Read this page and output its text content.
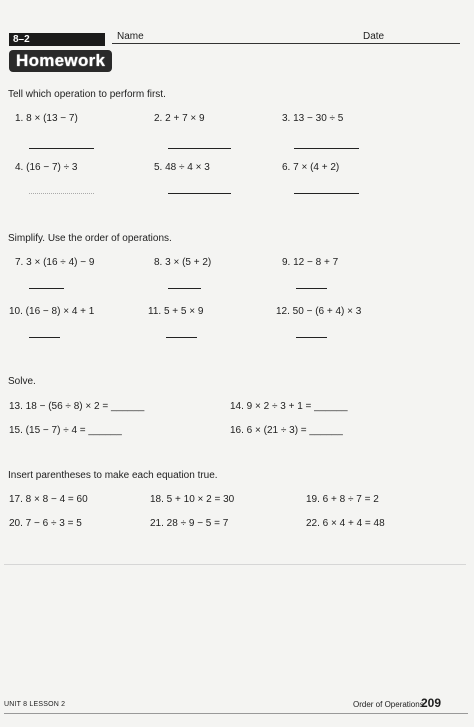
8–2
Homework
Name	Date
Tell which operation to perform first.
1. 8 × (13 − 7)	2. 2 + 7 × 9	3. 13 − 30 ÷ 5
4. (16 − 7) ÷ 3	5. 48 ÷ 4 × 3	6. 7 × (4 + 2)
Simplify. Use the order of operations.
7. 3 × (16 ÷ 4) − 9	8. 3 × (5 + 2)	9. 12 − 8 + 7
10. (16 − 8) × 4 + 1	11. 5 + 5 × 9	12. 50 − (6 + 4) × 3
Solve.
13. 18 − (56 ÷ 8) × 2 = ______	14. 9 × 2 ÷ 3 + 1 = ______
15. (15 − 7) ÷ 4 = ______	16. 6 × (21 ÷ 3) = ______
Insert parentheses to make each equation true.
17. 8 × 8 − 4 = 60	18. 5 + 10 × 2 = 30	19. 6 + 8 ÷ 7 = 2
20. 7 − 6 ÷ 3 = 5	21. 28 ÷ 9 − 5 = 7	22. 6 × 4 + 4 = 48
UNIT 8 LESSON 2	Order of Operations
209
